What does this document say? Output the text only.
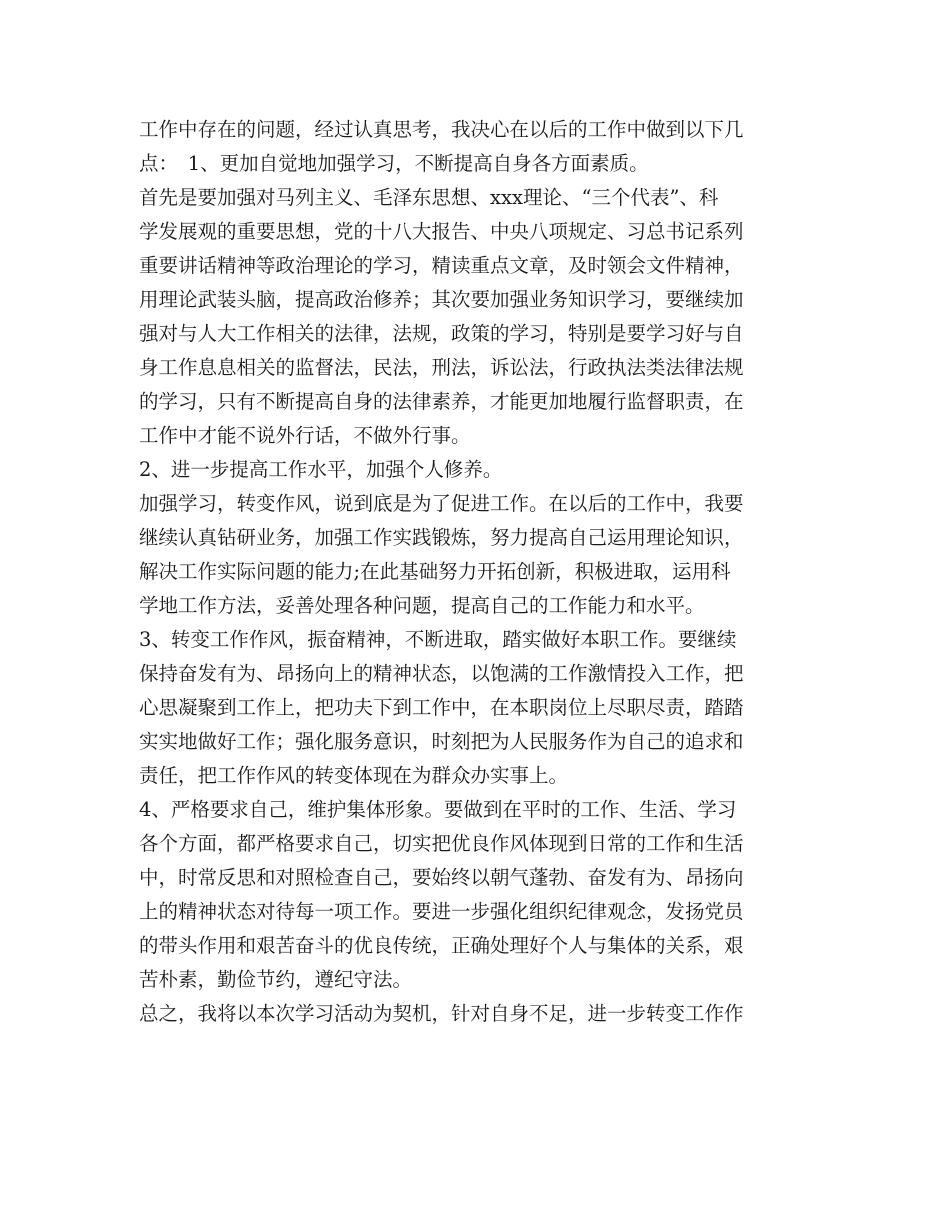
工作中存在的问题，经过认真思考，我决心在以后的工作中做到以下几
点：　1、更加自觉地加强学习，不断提高自身各方面素质。
首先是要加强对马列主义、毛泽东思想、xxx理论、“三个代表”、科
学发展观的重要思想，党的十八大报告、中央八项规定、习总书记系列
重要讲话精神等政治理论的学习，精读重点文章，及时领会文件精神，
用理论武装头脑，提高政治修养；其次要加强业务知识学习，要继续加
强对与人大工作相关的法律，法规，政策的学习，特别是要学习好与自
身工作息息相关的监督法，民法，刑法，诉讼法，行政执法类法律法规
的学习，只有不断提高自身的法律素养，才能更加地履行监督职责，在
工作中才能不说外行话，不做外行事。
2、进一步提高工作水平，加强个人修养。
加强学习，转变作风，说到底是为了促进工作。在以后的工作中，我要
继续认真钻研业务，加强工作实践锻炼，努力提高自己运用理论知识，
解决工作实际问题的能力;在此基础努力开拓创新，积极进取，运用科
学地工作方法，妥善处理各种问题，提高自己的工作能力和水平。
3、转变工作作风，振奋精神，不断进取，踏实做好本职工作。要继续
保持奋发有为、昂扬向上的精神状态，以饱满的工作激情投入工作，把
心思凝聚到工作上，把功夫下到工作中，在本职岗位上尽职尽责，踏踏
实实地做好工作；强化服务意识，时刻把为人民服务作为自己的追求和
责任，把工作作风的转变体现在为群众办实事上。
4、严格要求自己，维护集体形象。要做到在平时的工作、生活、学习
各个方面，都严格要求自己，切实把优良作风体现到日常的工作和生活
中，时常反思和对照检查自己，要始终以朝气蓬勃、奋发有为、昂扬向
上的精神状态对待每一项工作。要进一步强化组织纪律观念，发扬党员
的带头作用和艰苦奋斗的优良传统，正确处理好个人与集体的关系，艰
苦朴素，勤俭节约，遵纪守法。
总之，我将以本次学习活动为契机，针对自身不足，进一步转变工作作
